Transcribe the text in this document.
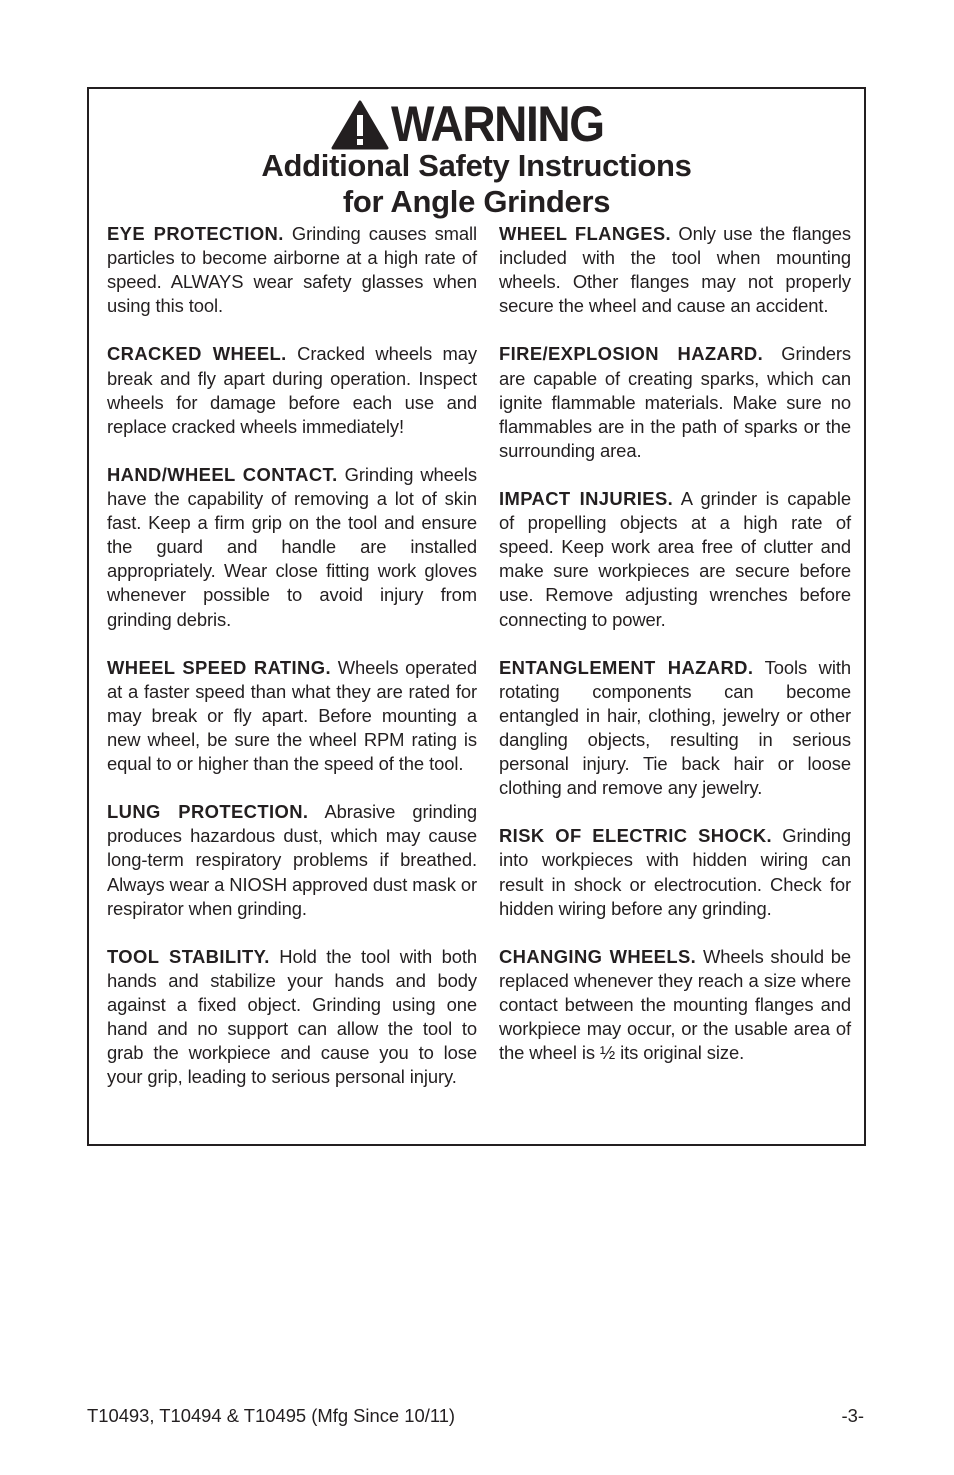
WARNING
Additional Safety Instructions
for Angle Grinders

EYE PROTECTION. Grinding causes small particles to become airborne at a high rate of speed. ALWAYS wear safety glasses when using this tool.

CRACKED WHEEL. Cracked wheels may break and fly apart during operation. Inspect wheels for damage before each use and replace cracked wheels immediately!

HAND/WHEEL CONTACT. Grinding wheels have the capability of removing a lot of skin fast. Keep a firm grip on the tool and ensure the guard and handle are installed appropriately. Wear close fitting work gloves whenever possible to avoid injury from grinding debris.

WHEEL SPEED RATING. Wheels operated at a faster speed than what they are rated for may break or fly apart. Before mounting a new wheel, be sure the wheel RPM rating is equal to or higher than the speed of the tool.

LUNG PROTECTION. Abrasive grinding produces hazardous dust, which may cause long-term respiratory problems if breathed. Always wear a NIOSH approved dust mask or respirator when grinding.

TOOL STABILITY. Hold the tool with both hands and stabilize your hands and body against a fixed object. Grinding using one hand and no support can allow the tool to grab the workpiece and cause you to lose your grip, leading to serious personal injury.

WHEEL FLANGES. Only use the flanges included with the tool when mounting wheels. Other flanges may not properly secure the wheel and cause an accident.

FIRE/EXPLOSION HAZARD. Grinders are capable of creating sparks, which can ignite flammable materials. Make sure no flammables are in the path of sparks or the surrounding area.

IMPACT INJURIES. A grinder is capable of propelling objects at a high rate of speed. Keep work area free of clutter and make sure workpieces are secure before use. Remove adjusting wrenches before connecting to power.

ENTANGLEMENT HAZARD. Tools with rotating components can become entangled in hair, clothing, jewelry or other dangling objects, resulting in serious personal injury. Tie back hair or loose clothing and remove any jewelry.

RISK OF ELECTRIC SHOCK. Grinding into workpieces with hidden wiring can result in shock or electrocution. Check for hidden wiring before any grinding.

CHANGING WHEELS. Wheels should be replaced whenever they reach a size where contact between the mounting flanges and workpiece may occur, or the usable area of the wheel is ½ its original size.

T10493, T10494 & T10495 (Mfg Since 10/11)	-3-
